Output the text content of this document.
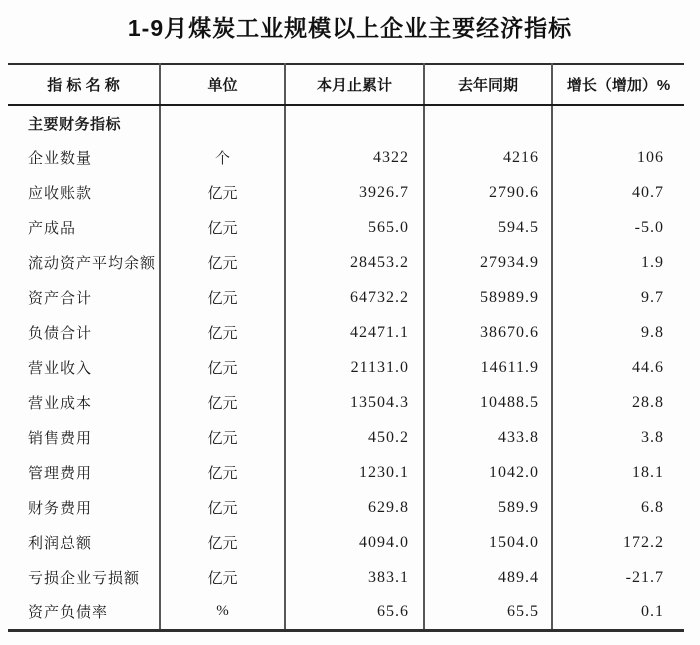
1-9月煤炭工业规模以上企业主要经济指标
指 标 名 称	单位	本月止累计	去年同期	增长（增加）%
主要财务指标				
企业数量	个	4322	4216	106
应收账款	亿元	3926.7	2790.6	40.7
产成品	亿元	565.0	594.5	-5.0
流动资产平均余额	亿元	28453.2	27934.9	1.9
资产合计	亿元	64732.2	58989.9	9.7
负债合计	亿元	42471.1	38670.6	9.8
营业收入	亿元	21131.0	14611.9	44.6
营业成本	亿元	13504.3	10488.5	28.8
销售费用	亿元	450.2	433.8	3.8
管理费用	亿元	1230.1	1042.0	18.1
财务费用	亿元	629.8	589.9	6.8
利润总额	亿元	4094.0	1504.0	172.2
亏损企业亏损额	亿元	383.1	489.4	-21.7
资产负债率	%	65.6	65.5	0.1
